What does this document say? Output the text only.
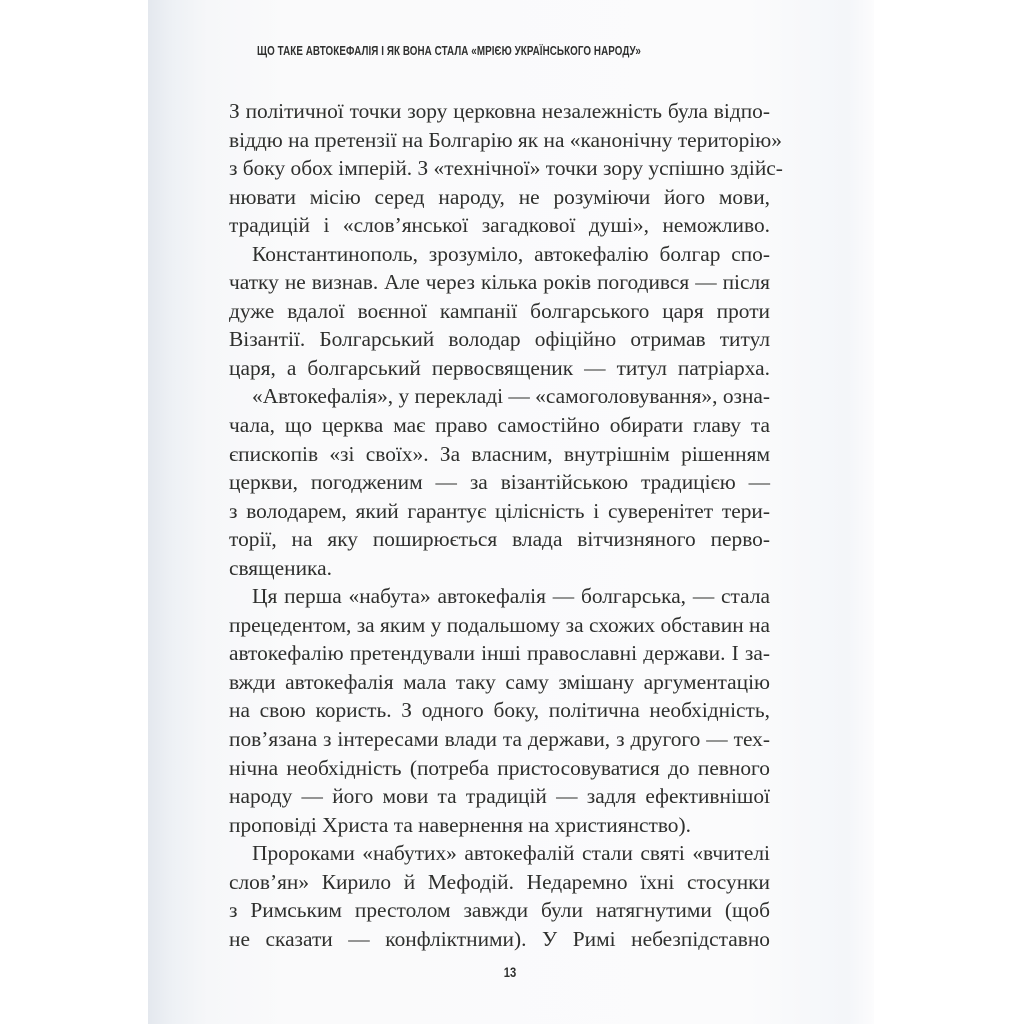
ЩО ТАКЕ АВТОКЕФАЛІЯ І ЯК ВОНА СТАЛА «МРІЄЮ УКРАЇНСЬКОГО НАРОДУ»
З політичної точки зору церковна незалежність була відпо-
віддю на претензії на Болгарію як на «канонічну територію»
з боку обох імперій. З «технічної» точки зору успішно здійс-
нювати місію серед народу, не розуміючи його мови,
традицій і «слов’янської загадкової душі», неможливо.
Константинополь, зрозуміло, автокефалію болгар спо-
чатку не визнав. Але через кілька років погодився — після
дуже вдалої воєнної кампанії болгарського царя проти
Візантії. Болгарський володар офіційно отримав титул
царя, а болгарський первосвященик — титул патріарха.
«Автокефалія», у перекладі — «самоголовування», озна-
чала, що церква має право самостійно обирати главу та
єпископів «зі своїх». За власним, внутрішнім рішенням
церкви, погодженим — за візантійською традицією —
з володарем, який гарантує цілісність і суверенітет тери-
торії, на яку поширюється влада вітчизняного перво-
священика.
Ця перша «набута» автокефалія — болгарська, — стала
прецедентом, за яким у подальшому за схожих обставин на
автокефалію претендували інші православні держави. І за-
вжди автокефалія мала таку саму змішану аргументацію
на свою користь. З одного боку, політична необхідність,
пов’язана з інтересами влади та держави, з другого — тех-
нічна необхідність (потреба пристосовуватися до певного
народу — його мови та традицій — задля ефективнішої
проповіді Христа та навернення на християнство).
Пророками «набутих» автокефалій стали святі «вчителі
слов’ян» Кирило й Мефодій. Недаремно їхні стосунки
з Римським престолом завжди були натягнутими (щоб
не сказати — конфліктними). У Римі небезпідставно
13
